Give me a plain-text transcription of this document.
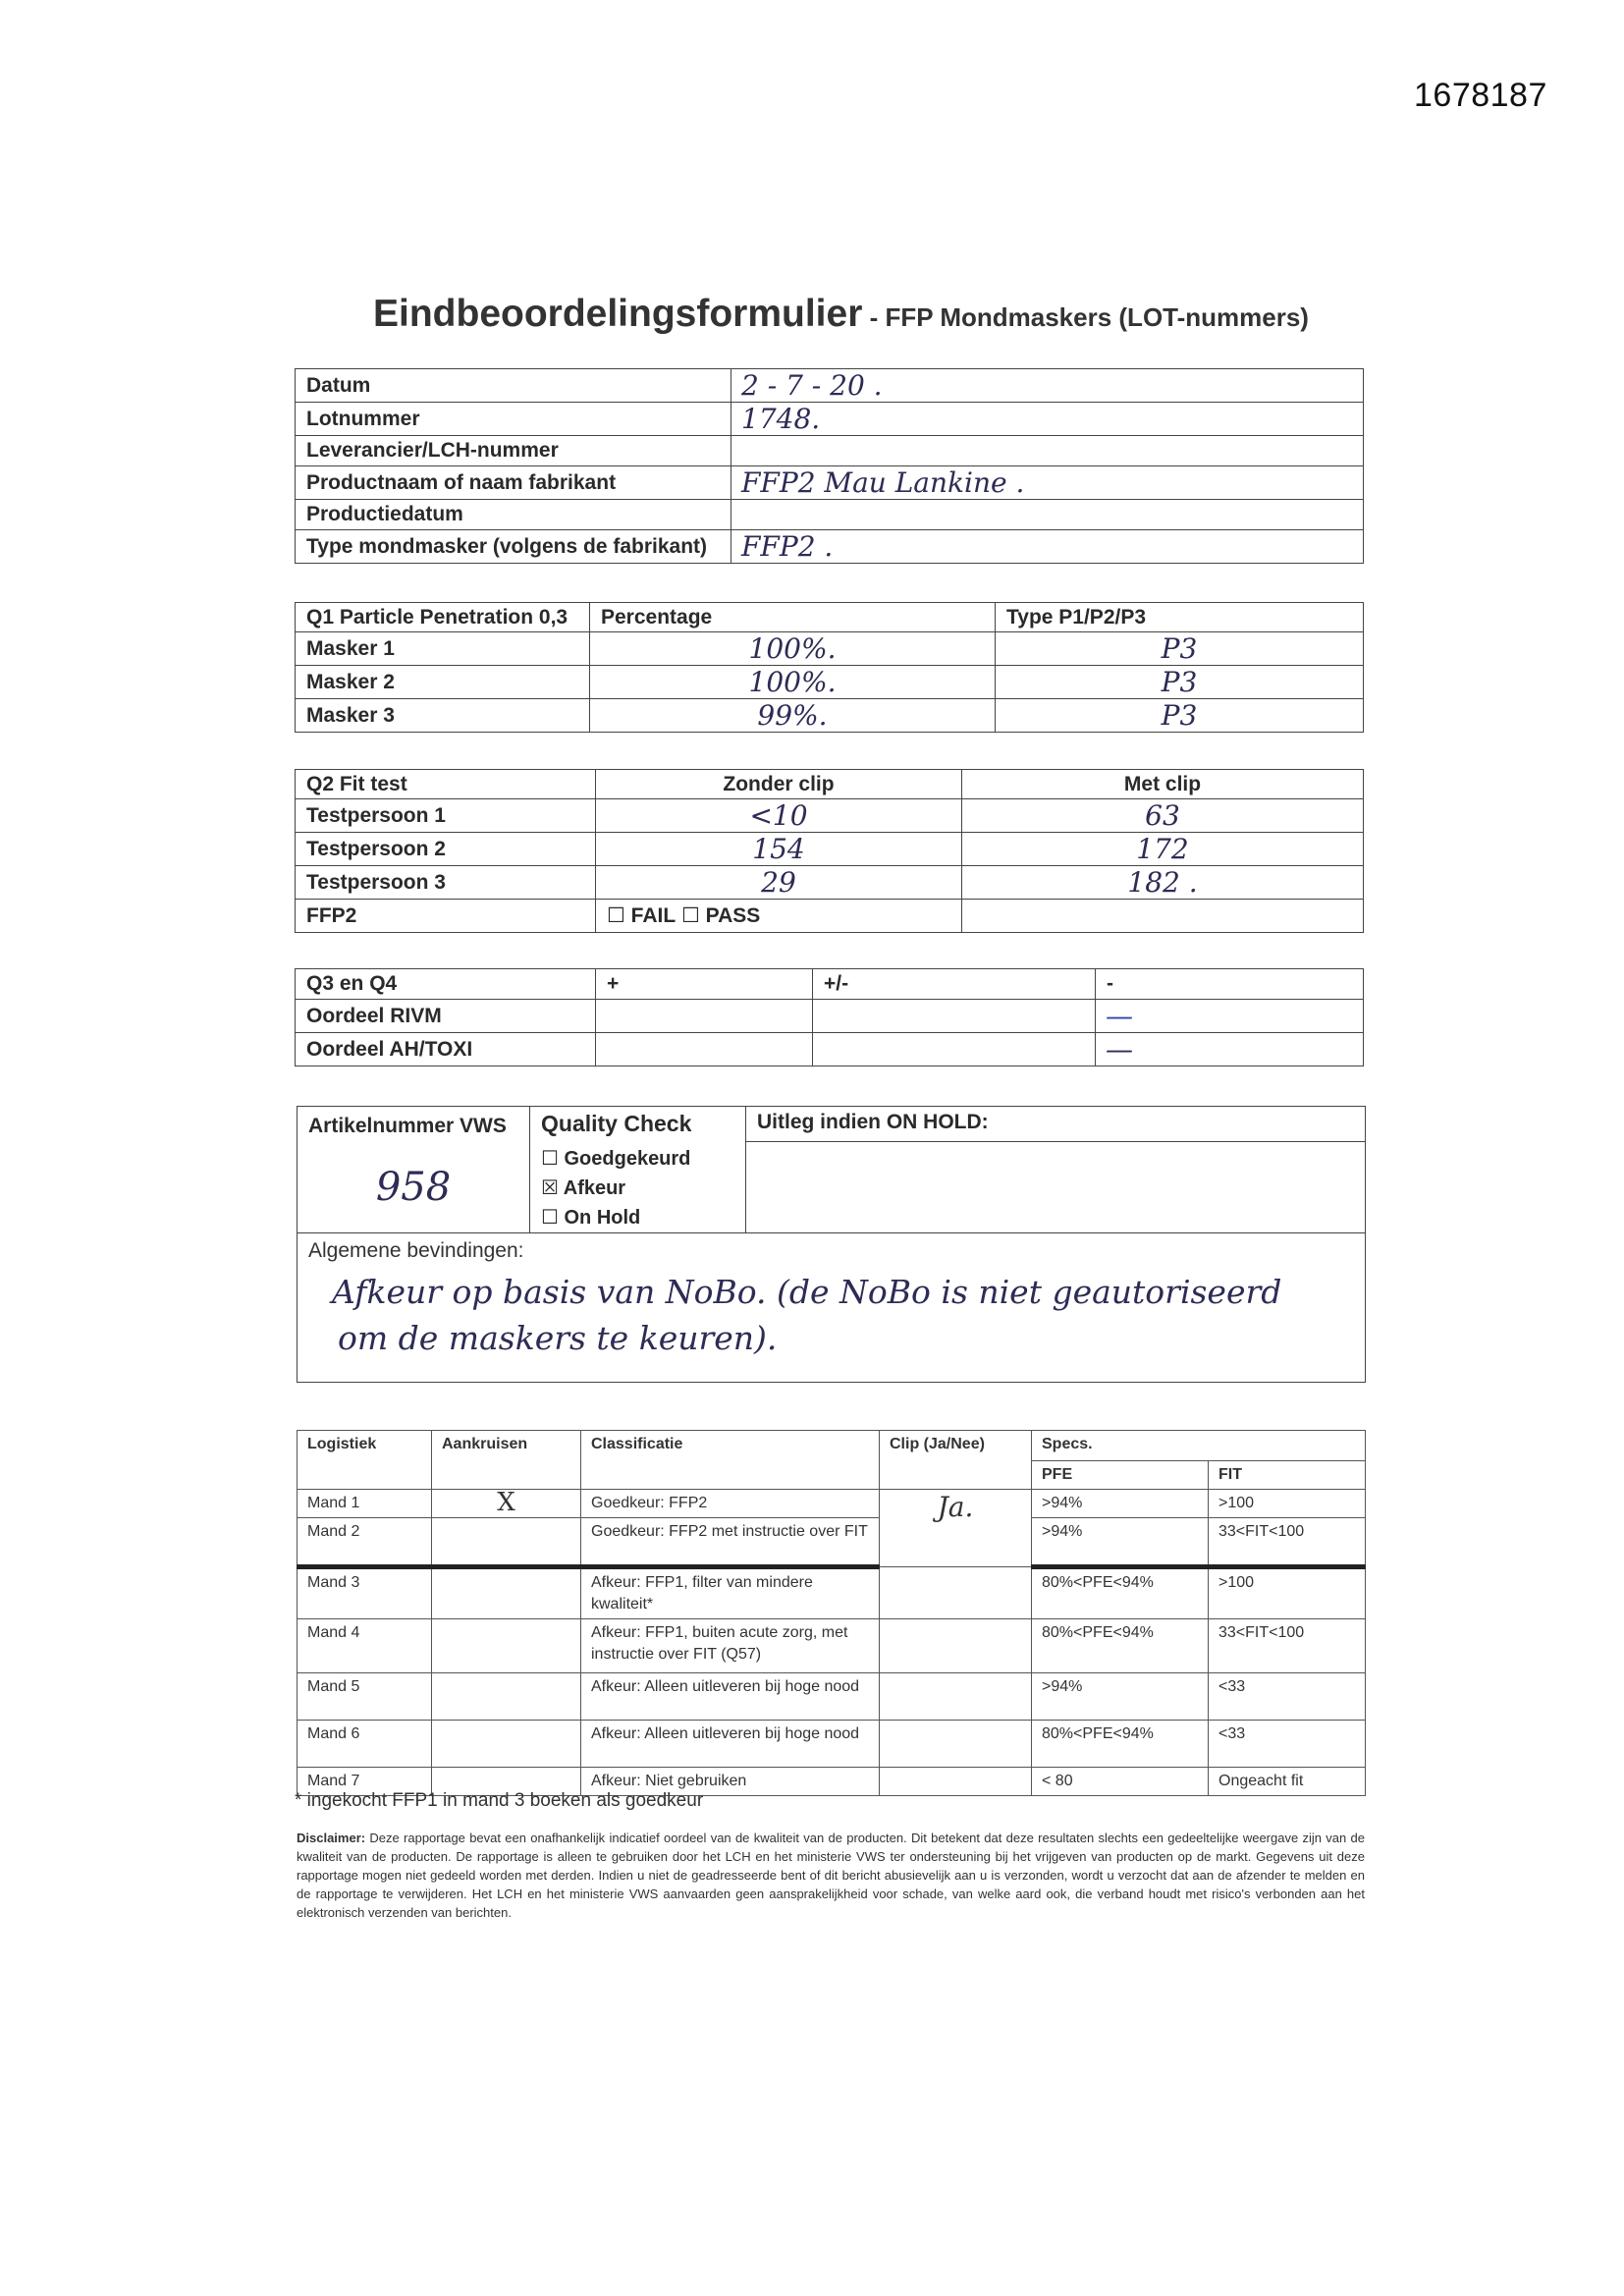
1678187
Eindbeoordelingsformulier - FFP Mondmaskers (LOT-nummers)
Datum	2 - 7 - 20 .
Lotnummer	1748.
Leverancier/LCH-nummer	
Productnaam of naam fabrikant	FFP2 Mau Lankine .
Productiedatum	
Type mondmasker (volgens de fabrikant)	FFP2 .
Q1 Particle Penetration 0,3	Percentage	Type P1/P2/P3
Masker 1	100%.	P3
Masker 2	100%.	P3
Masker 3	99%.	P3
Q2 Fit test	Zonder clip	Met clip
Testpersoon 1	<10	63
Testpersoon 2	154	172
Testpersoon 3	29	182 .
FFP2	☐ FAIL ☐ PASS	
Q3 en Q4	+	+/-	-
Oordeel RIVM			—
Oordeel AH/TOXI			—
Artikelnummer VWS	Quality Check	Uitleg indien ON HOLD:
958	☐ Goedgekeurd
☒ Afkeur
☐ On Hold	

Algemene bevindingen:
Afkeur op basis van NoBo. (de NoBo is niet geautoriseerd
om de maskers te keuren).		
Logistiek	Aankruisen	Classificatie	Clip (Ja/Nee)	Specs.	
				PFE	FIT
Mand 1	X	Goedkeur: FFP2	Ja.	>94%	>100
Mand 2		Goedkeur: FFP2 met instructie over FIT		>94%	33<FIT<100
Mand 3		Afkeur: FFP1, filter van mindere kwaliteit*		80%<PFE<94%	>100
Mand 4		Afkeur: FFP1, buiten acute zorg, met instructie over FIT (Q57)		80%<PFE<94%	33<FIT<100
Mand 5		Afkeur: Alleen uitleveren bij hoge nood		>94%	<33
Mand 6		Afkeur: Alleen uitleveren bij hoge nood		80%<PFE<94%	<33
Mand 7		Afkeur: Niet gebruiken		< 80	Ongeacht fit
* ingekocht FFP1 in mand 3 boeken als goedkeur
Disclaimer: Deze rapportage bevat een onafhankelijk indicatief oordeel van de kwaliteit van de producten. Dit betekent dat deze resultaten slechts een gedeeltelijke weergave zijn van de kwaliteit van de producten. De rapportage is alleen te gebruiken door het LCH en het ministerie VWS ter ondersteuning bij het vrijgeven van producten op de markt. Gegevens uit deze rapportage mogen niet gedeeld worden met derden. Indien u niet de geadresseerde bent of dit bericht abusievelijk aan u is verzonden, wordt u verzocht dat aan de afzender te melden en de rapportage te verwijderen. Het LCH en het ministerie VWS aanvaarden geen aansprakelijkheid voor schade, van welke aard ook, die verband houdt met risico's verbonden aan het elektronisch verzenden van berichten.
